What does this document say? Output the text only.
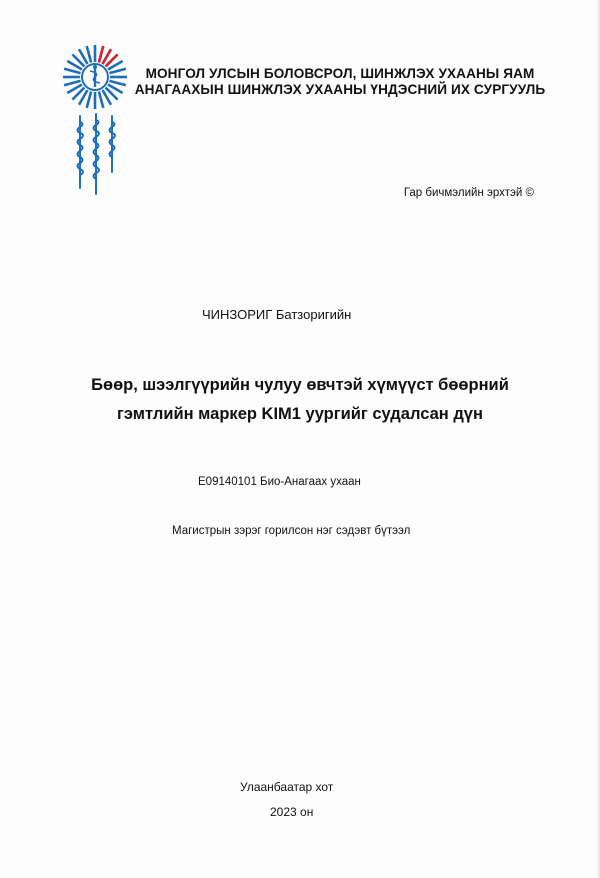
МОНГОЛ УЛСЫН БОЛОВСРОЛ, ШИНЖЛЭХ УХААНЫ ЯАМ
АНАГААХЫН ШИНЖЛЭХ УХААНЫ ҮНДЭСНИЙ ИХ СУРГУУЛЬ
Гар бичмэлийн эрхтэй ©
ЧИНЗОРИГ Батзоригийн
Бөөр, шээлгүүрийн чулуу өвчтэй хүмүүст бөөрний
гэмтлийн маркер KIM1 уургийг судалсан дүн
Е09140101 Био-Анагаах ухаан
Магистрын зэрэг горилсон нэг сэдэвт бүтээл
Улаанбаатар хот
2023 он
